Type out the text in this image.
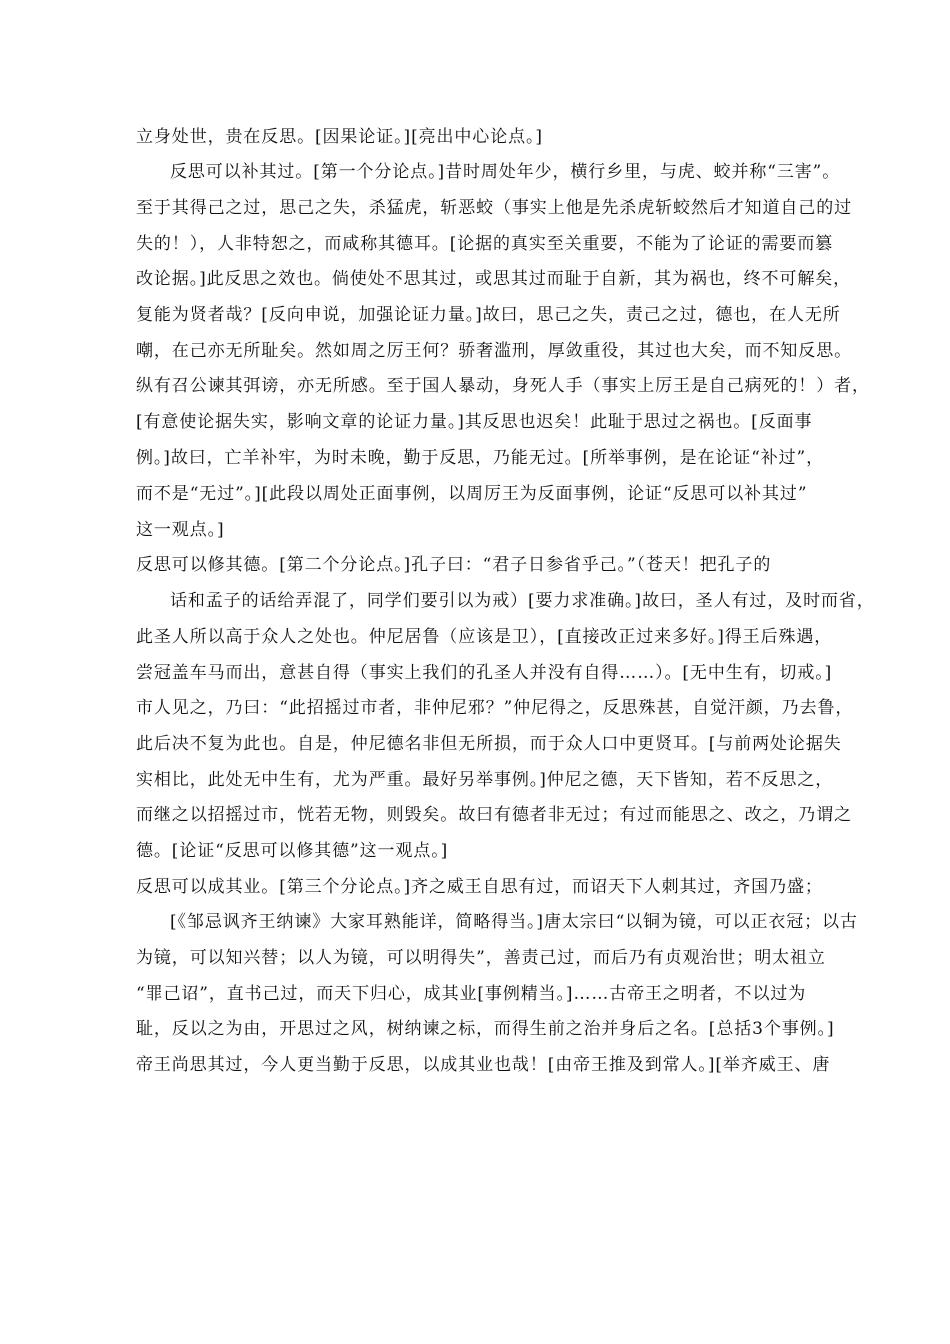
立身处世，贵在反思。[因果论证。][亮出中心论点。]
反思可以补其过。[第一个分论点。]昔时周处年少，横行乡里，与虎、蛟并称“三害”。
至于其得己之过，思己之失，杀猛虎，斩恶蛟（事实上他是先杀虎斩蛟然后才知道自己的过
失的！），人非特恕之，而咸称其德耳。[论据的真实至关重要，不能为了论证的需要而篡
改论据。]此反思之效也。倘使处不思其过，或思其过而耻于自新，其为祸也，终不可解矣，
复能为贤者哉？[反向申说，加强论证力量。]故曰，思己之失，责己之过，德也，在人无所
嘲，在己亦无所耻矣。然如周之厉王何？骄奢滥刑，厚敛重役，其过也大矣，而不知反思。
纵有召公谏其弭谤，亦无所感。至于国人暴动，身死人手（事实上厉王是自己病死的！）者，
[有意使论据失实，影响文章的论证力量。]其反思也迟矣！此耻于思过之祸也。[反面事
例。]故曰，亡羊补牢，为时未晚，勤于反思，乃能无过。[所举事例，是在论证“补过”，
而不是“无过”。][此段以周处正面事例，以周厉王为反面事例，论证“反思可以补其过”
这一观点。]
反思可以修其德。[第二个分论点。]孔子曰：“君子日参省乎己。”（苍天！把孔子的
话和孟子的话给弄混了，同学们要引以为戒）[要力求准确。]故曰，圣人有过，及时而省，
此圣人所以高于众人之处也。仲尼居鲁（应该是卫），[直接改正过来多好。]得王后殊遇，
尝冠盖车马而出，意甚自得（事实上我们的孔圣人并没有自得……）。[无中生有，切戒。]
市人见之，乃曰：“此招摇过市者，非仲尼邪？”仲尼得之，反思殊甚，自觉汗颜，乃去鲁，
此后决不复为此也。自是，仲尼德名非但无所损，而于众人口中更贤耳。[与前两处论据失
实相比，此处无中生有，尤为严重。最好另举事例。]仲尼之德，天下皆知，若不反思之，
而继之以招摇过市，恍若无物，则毁矣。故曰有德者非无过；有过而能思之、改之，乃谓之
德。[论证“反思可以修其德”这一观点。]
反思可以成其业。[第三个分论点。]齐之威王自思有过，而诏天下人刺其过，齐国乃盛；
[《邹忌讽齐王纳谏》大家耳熟能详，简略得当。]唐太宗曰“以铜为镜，可以正衣冠；以古
为镜，可以知兴替；以人为镜，可以明得失”，善责己过，而后乃有贞观治世；明太祖立
“罪己诏”，直书己过，而天下归心，成其业[事例精当。]……古帝王之明者，不以过为
耻，反以之为由，开思过之风，树纳谏之标，而得生前之治并身后之名。[总括3个事例。]
帝王尚思其过，今人更当勤于反思，以成其业也哉！[由帝王推及到常人。][举齐威王、唐
